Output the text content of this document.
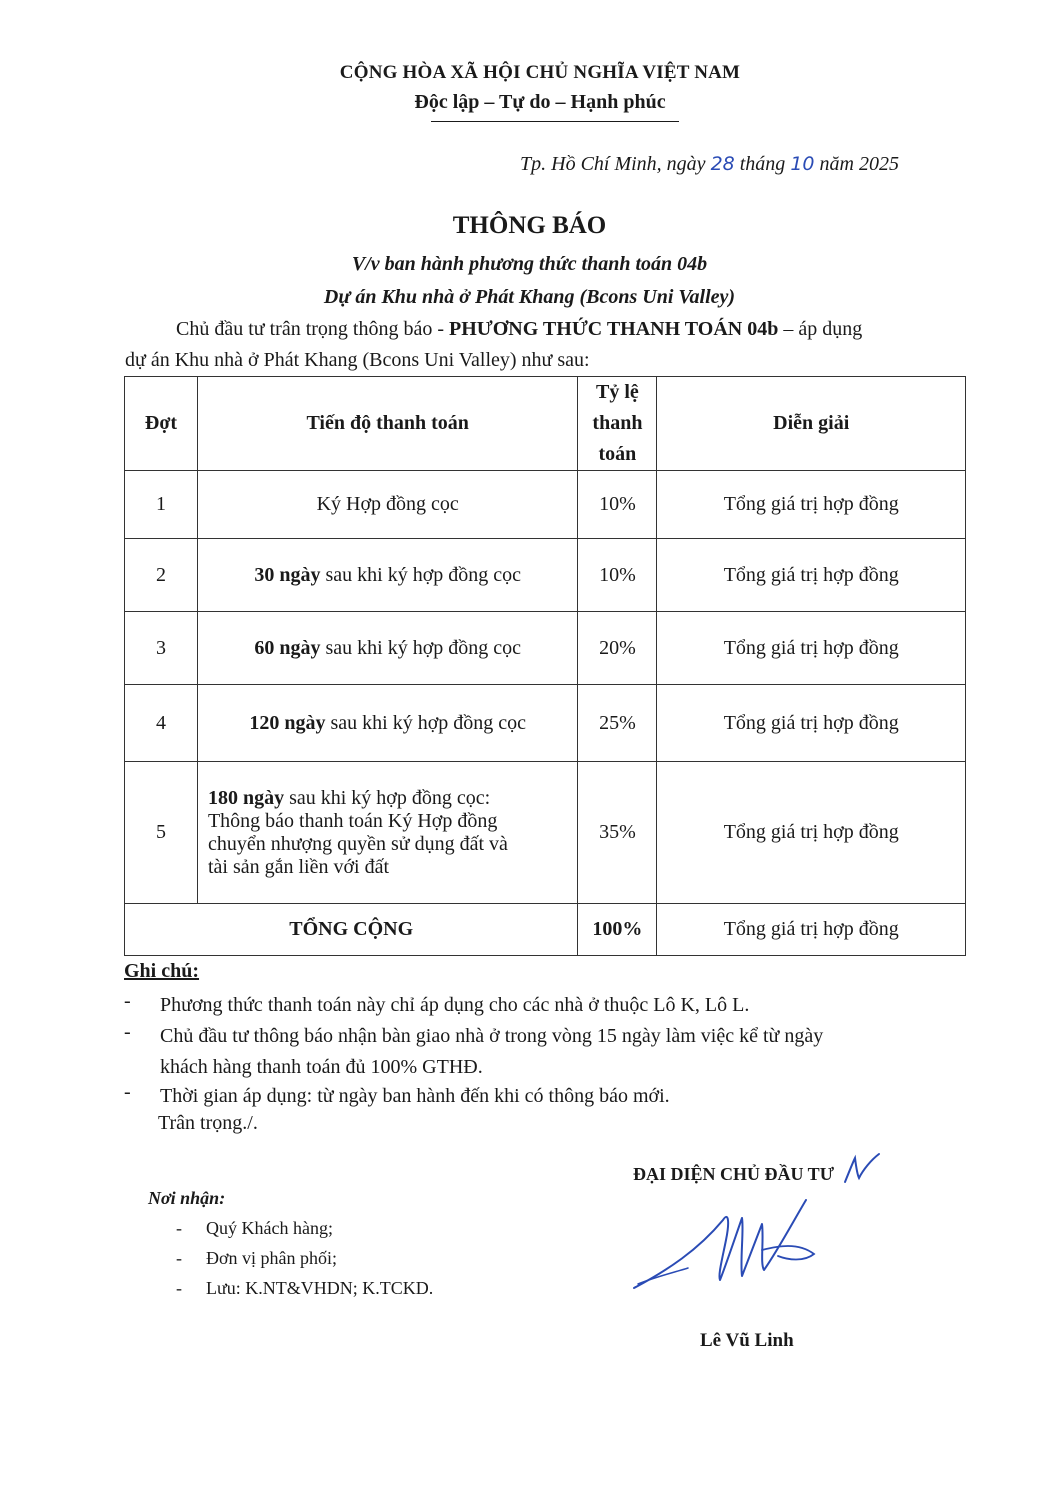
CỘNG HÒA XÃ HỘI CHỦ NGHĨA VIỆT NAM
Độc lập – Tự do – Hạnh phúc
Tp. Hồ Chí Minh, ngày 28 tháng 10 năm 2025
THÔNG BÁO
V/v ban hành phương thức thanh toán 04b
Dự án Khu nhà ở Phát Khang (Bcons Uni Valley)
Chủ đầu tư trân trọng thông báo - PHƯƠNG THỨC THANH TOÁN 04b – áp dụng
dự án Khu nhà ở Phát Khang (Bcons Uni Valley) như sau:
Đợt	Tiến độ thanh toán	Tỷ lệ
thanh
toán	Diễn giải
1	Ký Hợp đồng cọc	10%	Tổng giá trị hợp đồng
2	30 ngày sau khi ký hợp đồng cọc	10%	Tổng giá trị hợp đồng
3	60 ngày sau khi ký hợp đồng cọc	20%	Tổng giá trị hợp đồng
4	120 ngày sau khi ký hợp đồng cọc	25%	Tổng giá trị hợp đồng
5	180 ngày sau khi ký hợp đồng cọc:
Thông báo thanh toán Ký Hợp đồng
chuyển nhượng quyền sử dụng đất và
tài sản gắn liền với đất	35%	Tổng giá trị hợp đồng
TỔNG CỘNG		100%	Tổng giá trị hợp đồng
Ghi chú:
- Phương thức thanh toán này chỉ áp dụng cho các nhà ở thuộc Lô K, Lô L.
- Chủ đầu tư thông báo nhận bàn giao nhà ở trong vòng 15 ngày làm việc kể từ ngày
khách hàng thanh toán đủ 100% GTHĐ.
- Thời gian áp dụng: từ ngày ban hành đến khi có thông báo mới.
Trân trọng./.
ĐẠI DIỆN CHỦ ĐẦU TƯ
Lê Vũ Linh
Nơi nhận:
- Quý Khách hàng;
- Đơn vị phân phối;
- Lưu: K.NT&VHDN; K.TCKD.
